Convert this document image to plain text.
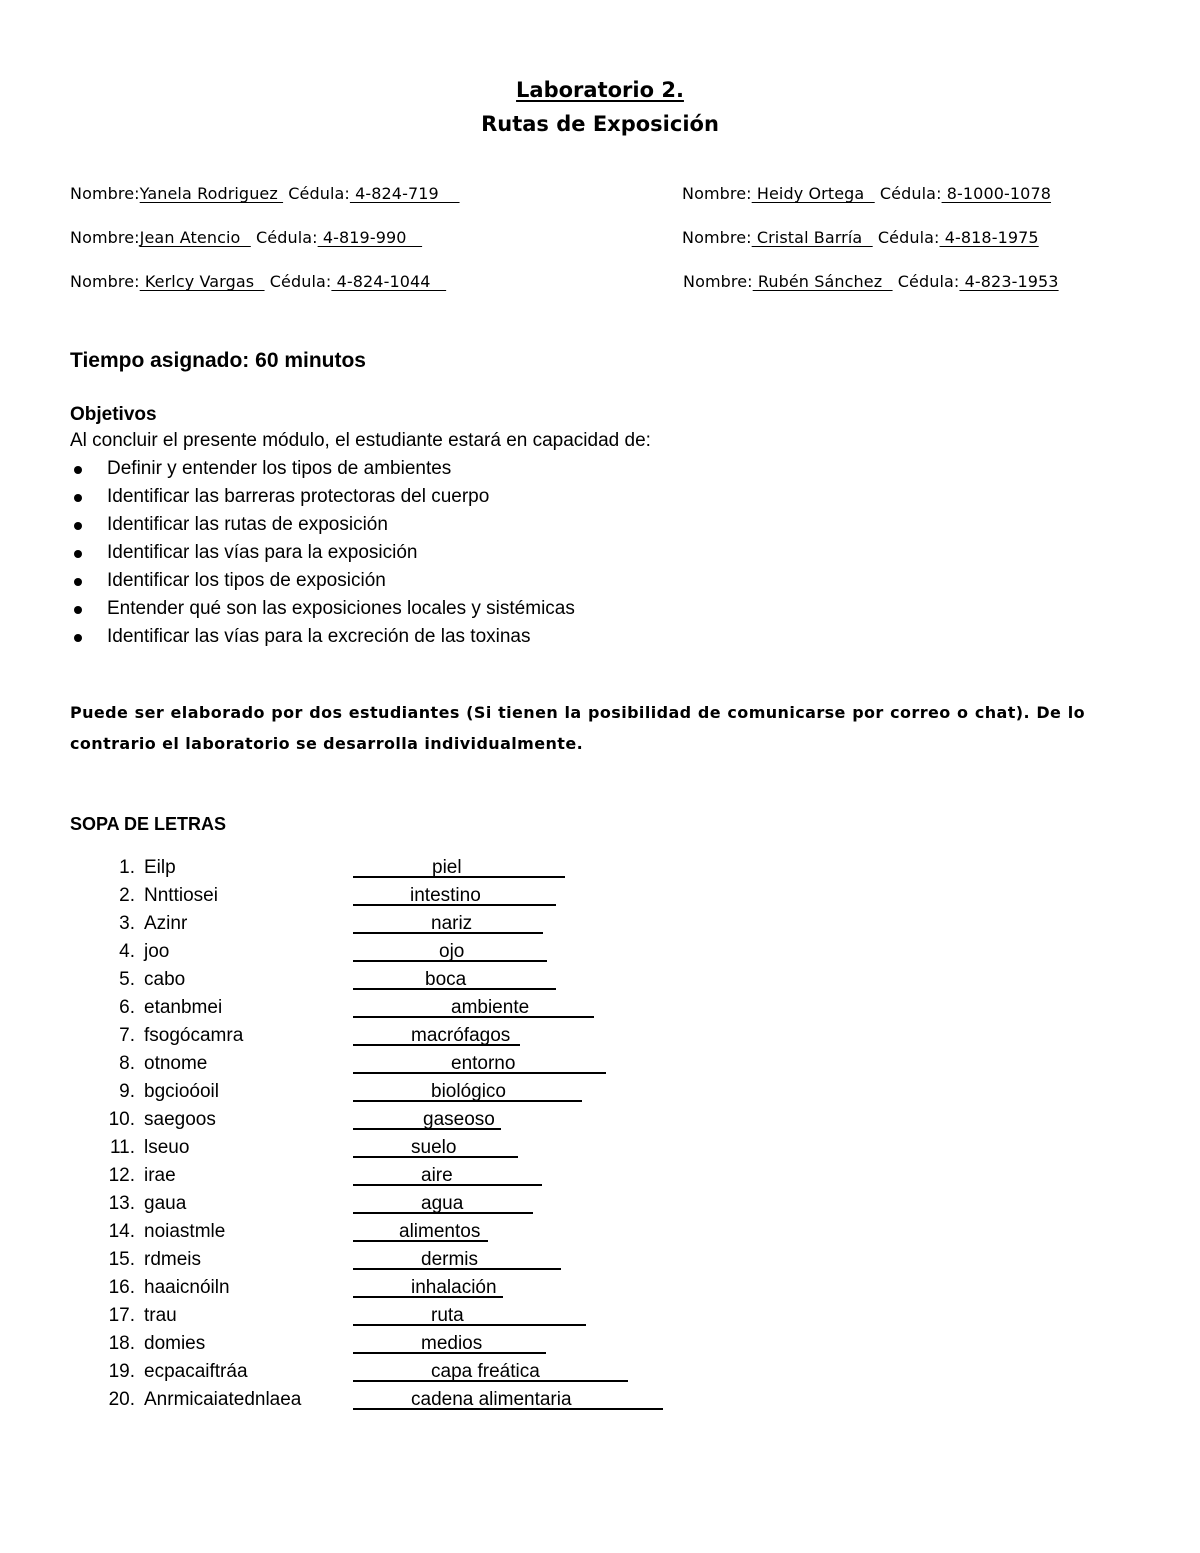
Laboratorio 2.
Rutas de Exposición
Nombre:Yanela Rodriguez  Cédula: 4-824-719	Nombre: Heidy Ortega   Cédula: 8-1000-1078
Nombre:Jean Atencio   Cédula: 4-819-990	Nombre: Cristal Barría   Cédula: 4-818-1975
Nombre: Kerlcy Vargas   Cédula: 4-824-1044	Nombre: Rubén Sánchez   Cédula: 4-823-1953
Tiempo asignado: 60 minutos
Objetivos
Al concluir el presente módulo, el estudiante estará en capacidad de:
Definir y entender los tipos de ambientes
Identificar las barreras protectoras del cuerpo
Identificar las rutas de exposición
Identificar las vías para la exposición
Identificar los tipos de exposición
Entender qué son las exposiciones locales y sistémicas
Identificar las vías para la excreción de las toxinas
Puede ser elaborado por dos estudiantes (Si tienen la posibilidad de comunicarse por correo o chat). De lo contrario el laboratorio se desarrolla individualmente.
SOPA DE LETRAS
1. Eilp	piel
2. Nnttiosei	intestino
3. Azinr	nariz
4. joo	ojo
5. cabo	boca
6. etanbmei	ambiente
7. fsogócamra	macrófagos
8. otnome	entorno
9. bgcioóoil	biológico
10. saegoos	gaseoso
11. lseuo	suelo
12. irae	aire
13. gaua	agua
14. noiastmle	alimentos
15. rdmeis	dermis
16. haaicnóiln	inhalación
17. trau	ruta
18. domies	medios
19. ecpacaiftráa	capa freática
20. Anrmicaiatednlaea	cadena alimentaria
